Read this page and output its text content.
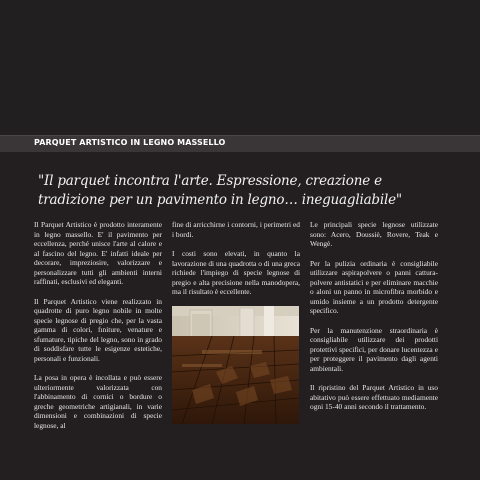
PARQUET ARTISTICO IN LEGNO MASSELLO
"Il parquet incontra l'arte. Espressione, creazione e tradizione per un pavimento in legno… ineguagliabile"

Il Parquet Artistico è prodotto interamente in legno massello. E' il pavimento per eccellenza, perché unisce l'arte al calore e al fascino del legno. E' infatti ideale per decorare, impreziosire, valorizzare e personalizzare tutti gli ambienti interni raffinati, esclusivi ed eleganti.

Il Parquet Artistico viene realizzato in quadrotte di puro legno nobile in molte specie legnose di pregio che, per la vasta gamma di colori, fıniture, venature e sfumature, tipiche del legno, sono in grado di soddisfare tutte le esigenze estetiche, personali e funzionali.

La posa in opera è incollata e può essere ulteriormente valorizzata con l'abbinamento di cornici o bordure o greche geometriche artigianali, in varie dimensioni e combinazioni di specie legnose, al

fine di arricchirne i contorni, i perimetri ed i bordi.

I costi sono elevati, in quanto la lavorazione di una quadrotta o di una greca richiede l'impiego di specie legnose di pregio e alta precisione nella manodopera, ma il risultato è eccellente.

Le principali specie legnose utilizzate sono: Acero, Doussiè, Rovere, Teak e Wengè.

Per la pulizia ordinaria è consigliabile utilizzare aspirapolvere o panni cattura-polvere antistatici e per eliminare macchie o aloni un panno in microfibra morbido e umido insieme a un prodotto detergente specifico.

Per la manutenzione straordinaria è consigliabile utilizzare dei prodotti protettivi specifici, per donare lucentezza e per proteggere il pavimento dagli agenti ambientali.

Il ripristino del Parquet Artistico in uso abitativo può essere effettuato mediamente ogni 15-40 anni secondo il trattamento.
